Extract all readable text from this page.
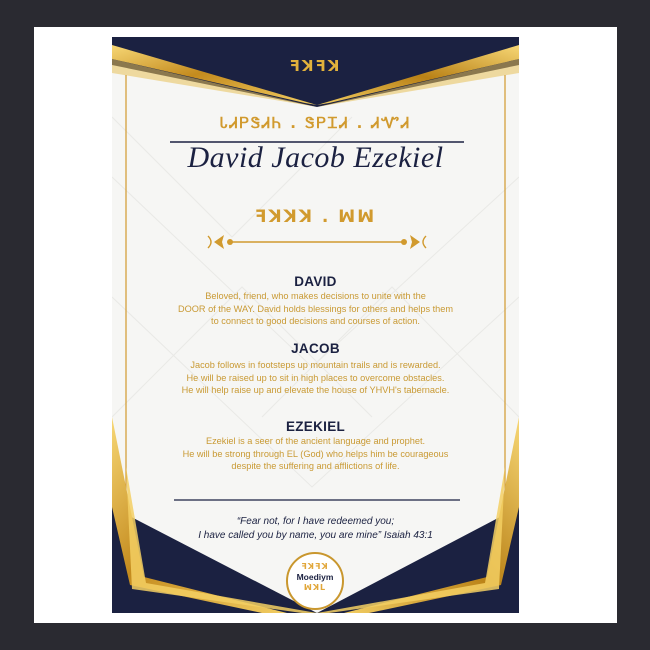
ꟻꓘꟻꓘ
ᏓᏗᏢᏕᏗᏂ . ᏕᏢᏆᏗ . ᏗᏉᏗ
David Jacob Ezekiel
ꟻꓘꓘꓘ . ꟽꟽ
DAVID
Beloved, friend, who makes decisions to unite with the
DOOR of the WAY. David holds blessings for others and helps them
to connect to good decisions and courses of action.
JACOB
Jacob follows in footsteps up mountain trails and is rewarded.
He will be raised up to sit in high places to overcome obstacles.
He will help raise up and elevate the house of YHVH's tabernacle.
EZEKIEL
Ezekiel is a seer of the ancient language and prophet.
He will be strong through EL (God) who helps him be courageous
despite the suffering and afflictions of life.
“Fear not, for I have redeemed you;
I have called you by name, you are mine” Isaiah 43:1
ꟻꓘꟻꓘ
Moediym
ꟽꓘꓡ
